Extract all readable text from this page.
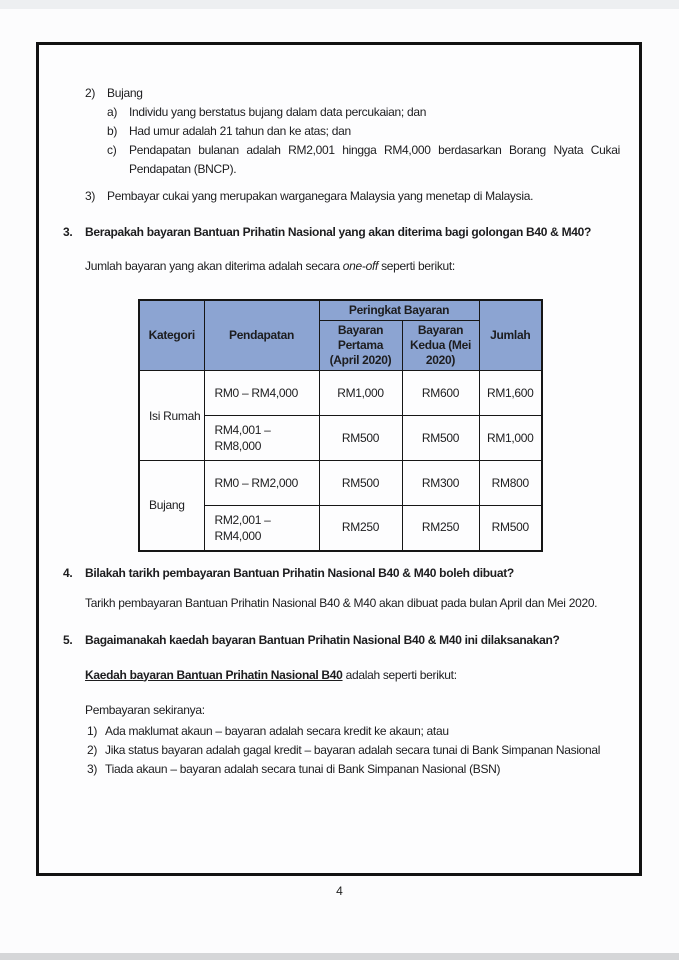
2) Bujang
a) Individu yang berstatus bujang dalam data percukaian; dan
b) Had umur adalah 21 tahun dan ke atas; dan
c)	Pendapatan bulanan adalah RM2,001 hingga RM4,000 berdasarkan Borang Nyata Cukai Pendapatan (BNCP).
3) Pembayar cukai yang merupakan warganegara Malaysia yang menetap di Malaysia.
3.	Berapakah bayaran Bantuan Prihatin Nasional yang akan diterima bagi golongan B40 & M40?
Jumlah bayaran yang akan diterima adalah secara one-off seperti berikut:
Kategori	Pendapatan	Peringkat Bayaran		Jumlah
		Bayaran Pertama (April 2020)	Bayaran Kedua (Mei 2020)	
Isi Rumah	RM0 – RM4,000	RM1,000	RM600	RM1,600
	RM4,001 – RM8,000	RM500	RM500	RM1,000
Bujang	RM0 – RM2,000	RM500	RM300	RM800
	RM2,001 – RM4,000	RM250	RM250	RM500
4.	Bilakah tarikh pembayaran Bantuan Prihatin Nasional B40 & M40 boleh dibuat?
Tarikh pembayaran Bantuan Prihatin Nasional B40 & M40 akan dibuat pada bulan April dan Mei 2020.
5.	Bagaimanakah kaedah bayaran Bantuan Prihatin Nasional B40 & M40 ini dilaksanakan?
Kaedah bayaran Bantuan Prihatin Nasional B40 adalah seperti berikut:
Pembayaran sekiranya:
1) Ada maklumat akaun – bayaran adalah secara kredit ke akaun; atau
2) Jika status bayaran adalah gagal kredit – bayaran adalah secara tunai di Bank Simpanan Nasional
3) Tiada akaun – bayaran adalah secara tunai di Bank Simpanan Nasional (BSN)
4
